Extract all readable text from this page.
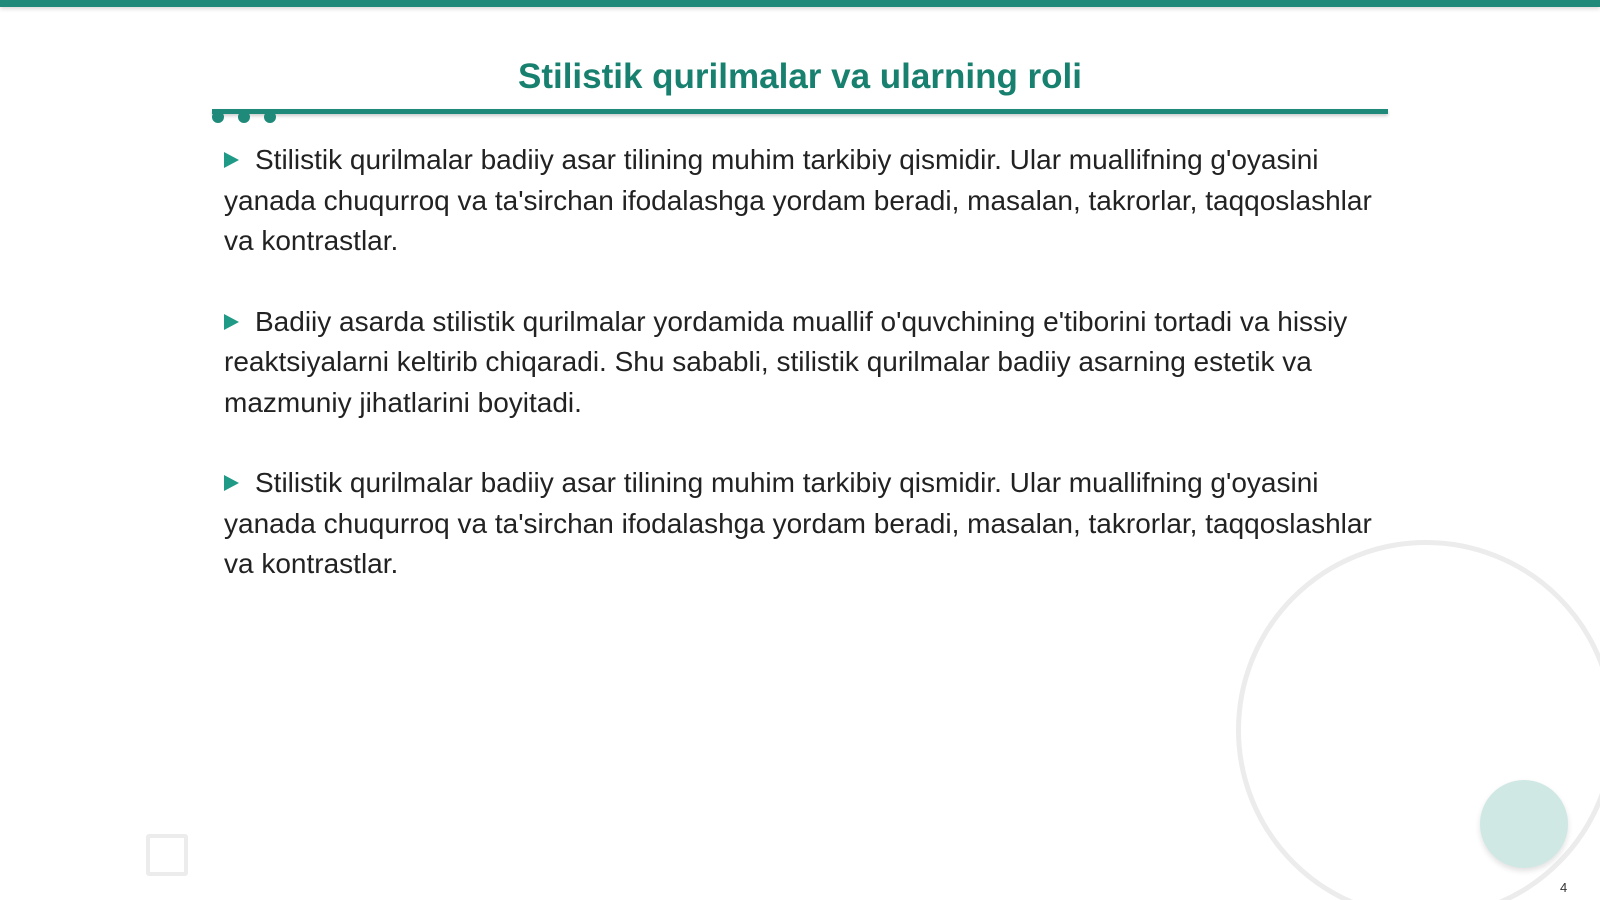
Stilistik qurilmalar va ularning roli
Stilistik qurilmalar badiiy asar tilining muhim tarkibiy qismidir. Ular muallifning g'oyasini yanada chuqurroq va ta'sirchan ifodalashga yordam beradi, masalan, takrorlar, taqqoslashlar va kontrastlar.
Badiiy asarda stilistik qurilmalar yordamida muallif o'quvchining e'tiborini tortadi va hissiy reaktsiyalarni keltirib chiqaradi. Shu sababli, stilistik qurilmalar badiiy asarning estetik va mazmuniy jihatlarini boyitadi.
Stilistik qurilmalar badiiy asar tilining muhim tarkibiy qismidir. Ular muallifning g'oyasini yanada chuqurroq va ta'sirchan ifodalashga yordam beradi, masalan, takrorlar, taqqoslashlar va kontrastlar.
4
